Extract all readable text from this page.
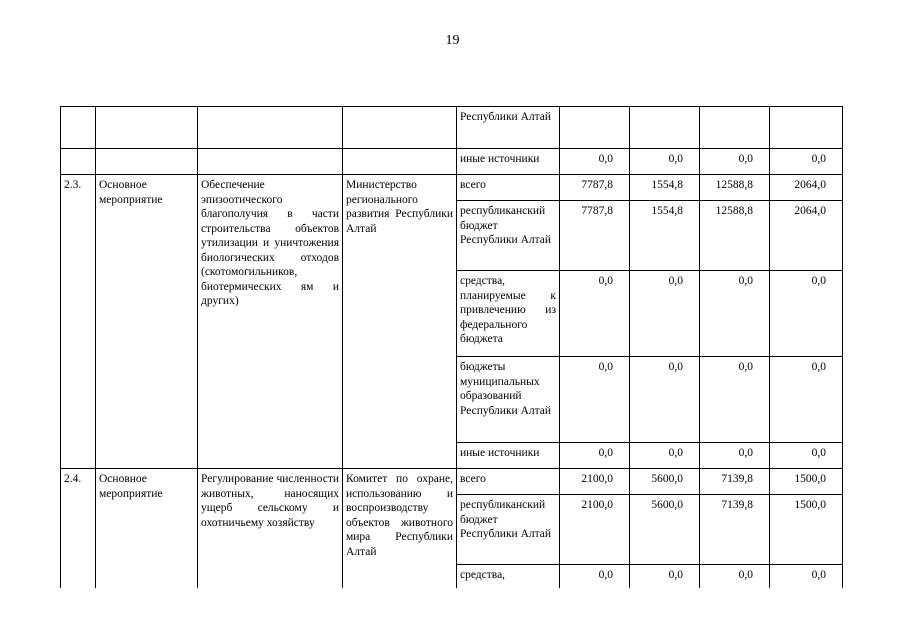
19
				Республики Алтай				
				иные источники	0,0	0,0	0,0	0,0
2.3.	Основное мероприятие	Обеспечение эпизоотического благополучия в части строительства объектов утилизации и уничтожения биологических отходов (скотомогильников, биотермических ям и других)	Министерство регионального развития Республики Алтай	всего	7787,8	1554,8	12588,8	2064,0
				республиканский бюджет Республики Алтай	7787,8	1554,8	12588,8	2064,0
				средства, планируемые к привлечению из федерального бюджета	0,0	0,0	0,0	0,0
				бюджеты муниципальных образований Республики Алтай	0,0	0,0	0,0	0,0
				иные источники	0,0	0,0	0,0	0,0
2.4.	Основное мероприятие	Регулирование численности животных, наносящих ущерб сельскому и охотничьему хозяйству	Комитет по охране, использованию и воспроизводству объектов животного мира Республики Алтай	всего	2100,0	5600,0	7139,8	1500,0
				республиканский бюджет Республики Алтай	2100,0	5600,0	7139,8	1500,0
				средства,	0,0	0,0	0,0	0,0
